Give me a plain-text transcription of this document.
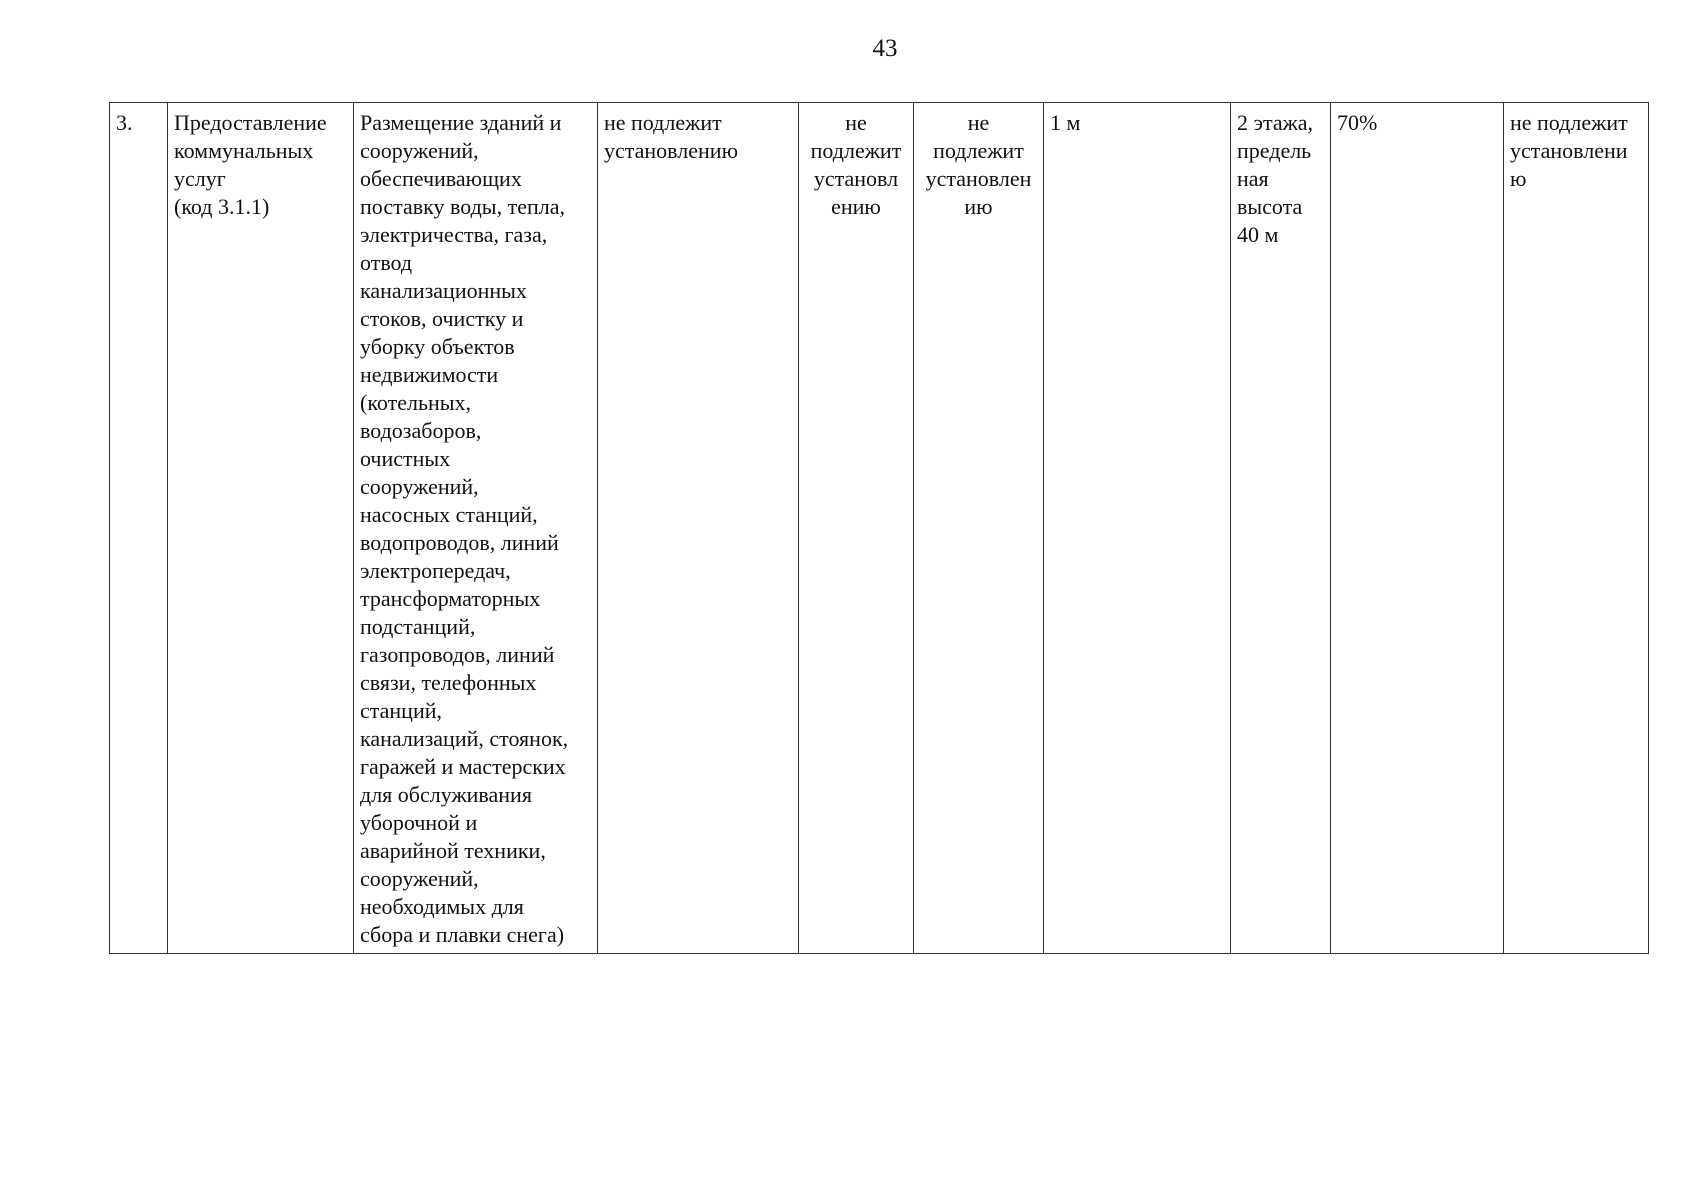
43
3.	Предоставление
коммунальных
услуг
(код 3.1.1)	Размещение зданий и
сооружений,
обеспечивающих
поставку воды, тепла,
электричества, газа,
отвод
канализационных
стоков, очистку и
уборку объектов
недвижимости
(котельных,
водозаборов,
очистных
сооружений,
насосных станций,
водопроводов, линий
электропередач,
трансформаторных
подстанций,
газопроводов, линий
связи, телефонных
станций,
канализаций, стоянок,
гаражей и мастерских
для обслуживания
уборочной и
аварийной техники,
сооружений,
необходимых для
сбора и плавки снега)	не подлежит
установлению	не
подлежит
установл
ению	не
подлежит
установлен
ию	1 м	2 этажа,
предель
ная
высота
40 м	70%	не подлежит
установлени
ю
